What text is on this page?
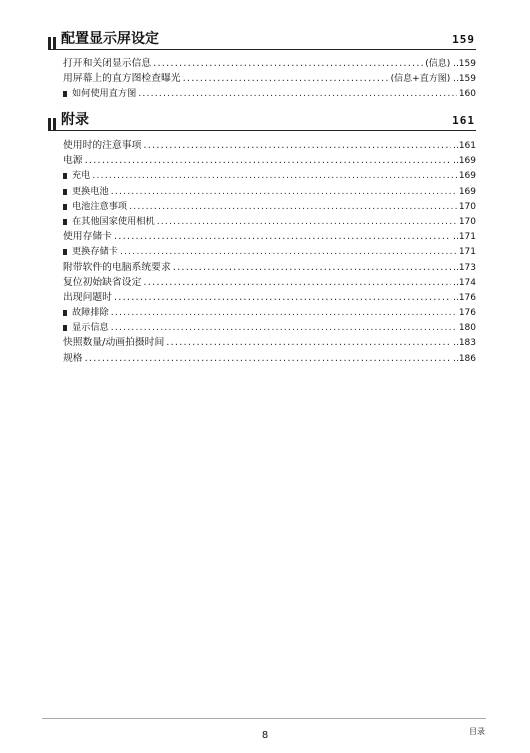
配置显示屏设定	159
打开和关闭显示信息 .....	(信息) ..159
用屏幕上的直方图检查曝光 .....	(信息+直方图) ..159
如何使用直方图 .....	160
附录	161
使用时的注意事项 .....	..161
电源 .....	..169
充电 .....	169
更换电池 .....	169
电池注意事项 .....	170
在其他国家使用相机 .....	170
使用存储卡 .....	..171
更换存储卡 .....	171
附带软件的电脑系统要求 .....	..173
复位初始缺省设定 .....	..174
出现问题时 .....	..176
故障排除 .....	176
显示信息 .....	180
快照数量/动画拍摄时间 .....	..183
规格 .....	..186
8	目录
